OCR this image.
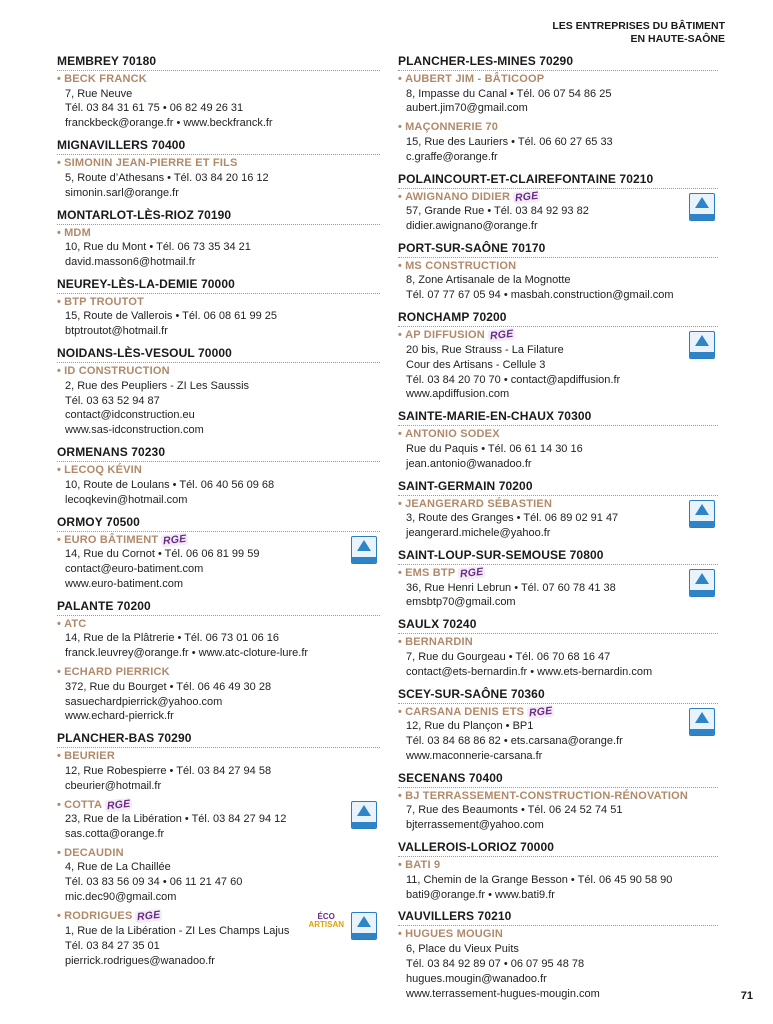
LES ENTREPRISES DU BÂTIMENT
EN HAUTE-SAÔNE
MEMBREY 70180
• BECK FRANCK
7, Rue Neuve
Tél. 03 84 31 61 75 • 06 82 49 26 31
franckbeck@orange.fr • www.beckfranck.fr
MIGNAVILLERS 70400
• SIMONIN JEAN-PIERRE ET FILS
5, Route d’Athesans • Tél. 03 84 20 16 12
simonin.sarl@orange.fr
MONTARLOT-LÈS-RIOZ 70190
• MDM
10, Rue du Mont • Tél. 06 73 35 34 21
david.masson6@hotmail.fr
NEUREY-LÈS-LA-DEMIE 70000
• BTP TROUTOT
15, Route de Vallerois • Tél. 06 08 61 99 25
btptroutot@hotmail.fr
NOIDANS-LÈS-VESOUL 70000
• ID CONSTRUCTION
2, Rue des Peupliers - ZI Les Saussis
Tél. 03 63 52 94 87
contact@idconstruction.eu
www.sas-idconstruction.com
ORMENANS 70230
• LECOQ KÉVIN
10, Route de Loulans • Tél. 06 40 56 09 68
lecoqkevin@hotmail.com
ORMOY 70500
• EURO BÂTIMENT RGE
14, Rue du Cornot • Tél. 06 06 81 99 59
contact@euro-batiment.com
www.euro-batiment.com
PALANTE 70200
• ATC
14, Rue de la Plâtrerie • Tél. 06 73 01 06 16
franck.leuvrey@orange.fr • www.atc-cloture-lure.fr
• ECHARD PIERRICK
372, Rue du Bourget • Tél. 06 46 49 30 28
sasuechardpierrick@yahoo.com
www.echard-pierrick.fr
PLANCHER-BAS 70290
• BEURIER
12, Rue Robespierre • Tél. 03 84 27 94 58
cbeurier@hotmail.fr
• COTTA RGE
23, Rue de la Libération • Tél. 03 84 27 94 12
sas.cotta@orange.fr
• DECAUDIN
4, Rue de La Chaillée
Tél. 03 83 56 09 34 • 06 11 21 47 60
mic.dec90@gmail.com
• RODRIGUES RGE
1, Rue de la Libération - ZI Les Champs Lajus
Tél. 03 84 27 35 01
pierrick.rodrigues@wanadoo.fr
ÉCO
ARTISAN
PLANCHER-LES-MINES 70290
• AUBERT JIM - BÂTICOOP
8, Impasse du Canal • Tél. 06 07 54 86 25
aubert.jim70@gmail.com
• MAÇONNERIE 70
15, Rue des Lauriers • Tél. 06 60 27 65 33
c.graffe@orange.fr
POLAINCOURT-ET-CLAIREFONTAINE 70210
• AWIGNANO DIDIER RGE
57, Grande Rue • Tél. 03 84 92 93 82
didier.awignano@orange.fr
PORT-SUR-SAÔNE 70170
• MS CONSTRUCTION
8, Zone Artisanale de la Mognotte
Tél. 07 77 67 05 94 • masbah.construction@gmail.com
RONCHAMP 70200
• AP DIFFUSION RGE
20 bis, Rue Strauss - La Filature
Cour des Artisans - Cellule 3
Tél. 03 84 20 70 70 • contact@apdiffusion.fr
www.apdiffusion.com
SAINTE-MARIE-EN-CHAUX 70300
• ANTONIO SODEX
Rue du Paquis • Tél. 06 61 14 30 16
jean.antonio@wanadoo.fr
SAINT-GERMAIN 70200
• JEANGERARD SÉBASTIEN
3, Route des Granges • Tél. 06 89 02 91 47
jeangerard.michele@yahoo.fr
SAINT-LOUP-SUR-SEMOUSE 70800
• EMS BTP RGE
36, Rue Henri Lebrun • Tél. 07 60 78 41 38
emsbtp70@gmail.com
SAULX 70240
• BERNARDIN
7, Rue du Gourgeau • Tél. 06 70 68 16 47
contact@ets-bernardin.fr • www.ets-bernardin.com
SCEY-SUR-SAÔNE 70360
• CARSANA DENIS ETS RGE
12, Rue du Plançon • BP1
Tél. 03 84 68 86 82 • ets.carsana@orange.fr
www.maconnerie-carsana.fr
SECENANS 70400
• BJ TERRASSEMENT-CONSTRUCTION-RÉNOVATION
7, Rue des Beaumonts • Tél. 06 24 52 74 51
bjterrassement@yahoo.com
VALLEROIS-LORIOZ 70000
• BATI 9
11, Chemin de la Grange Besson • Tél. 06 45 90 58 90
bati9@orange.fr • www.bati9.fr
VAUVILLERS 70210
• HUGUES MOUGIN
6, Place du Vieux Puits
Tél. 03 84 92 89 07 • 06 07 95 48 78
hugues.mougin@wanadoo.fr
www.terrassement-hugues-mougin.com	71
